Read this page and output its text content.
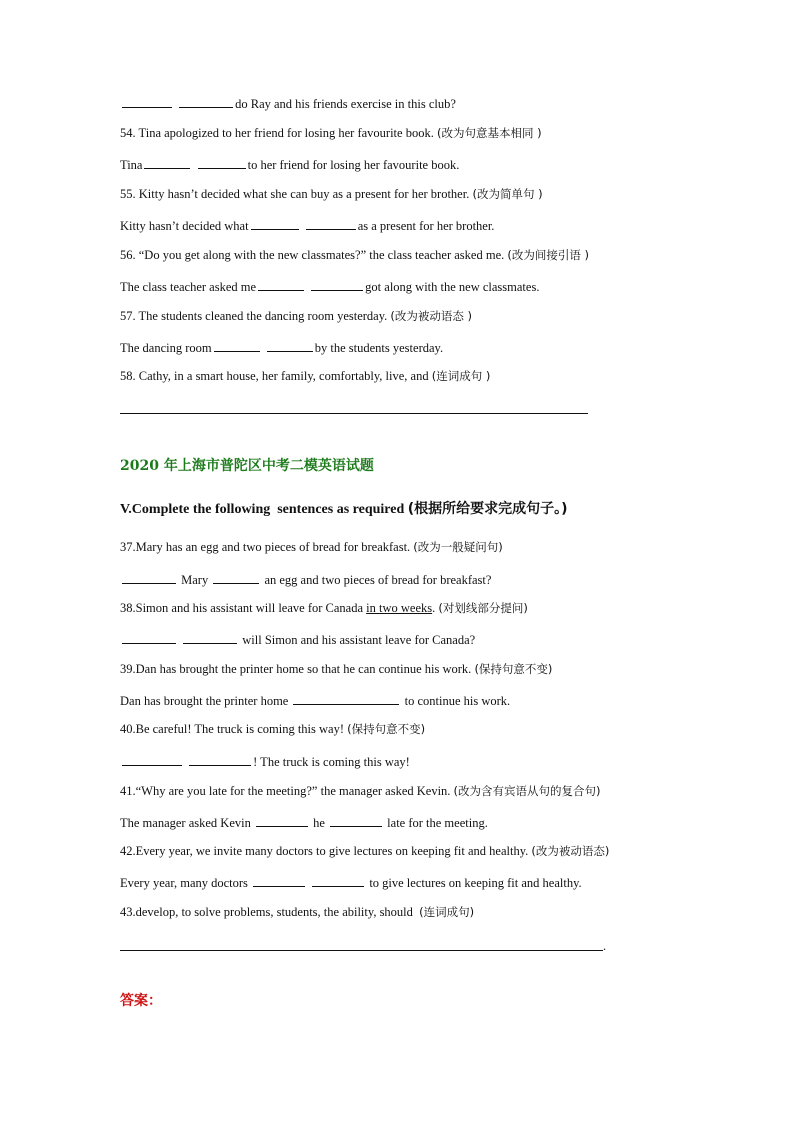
do Ray and his friends exercise in this club?
54. Tina apologized to her friend for losing her favourite book. (改为句意基本相同 )
Tina	to her friend for losing her favourite book.
55. Kitty hasn’t decided what she can buy as a present for her brother. (改为简单句 )
Kitty hasn’t decided what	as a present for her brother.
56. “Do you get along with the new classmates?” the class teacher asked me. (改为间接引语 )
The class teacher asked me	got along with the new classmates.
57. The students cleaned the dancing room yesterday. (改为被动语态 )
The dancing room	by the students yesterday.
58. Cathy, in a smart house, her family, comfortably, live, and (连词成句 )
2020 年上海市普陀区中考二模英语试题
V.Complete the following  sentences as required (根据所给要求完成句子。)
37.Mary has an egg and two pieces of bread for breakfast. (改为一般疑问句)
Mary	an egg and two pieces of bread for breakfast?
38.Simon and his assistant will leave for Canada in two weeks. (对划线部分提问)
will Simon and his assistant leave for Canada?
39.Dan has brought the printer home so that he can continue his work. (保持句意不变)
Dan has brought the printer home	to continue his work.
40.Be careful! The truck is coming this way! (保持句意不变)
! The truck is coming this way!
41.“Why are you late for the meeting?” the manager asked Kevin. (改为含有宾语从句的复合句)
The manager asked Kevin	he	late for the meeting.
42.Every year, we invite many doctors to give lectures on keeping fit and healthy. (改为被动语态)
Every year, many doctors	to give lectures on keeping fit and healthy.
43.develop, to solve problems, students, the ability, should  (连词成句)
.
答案：
